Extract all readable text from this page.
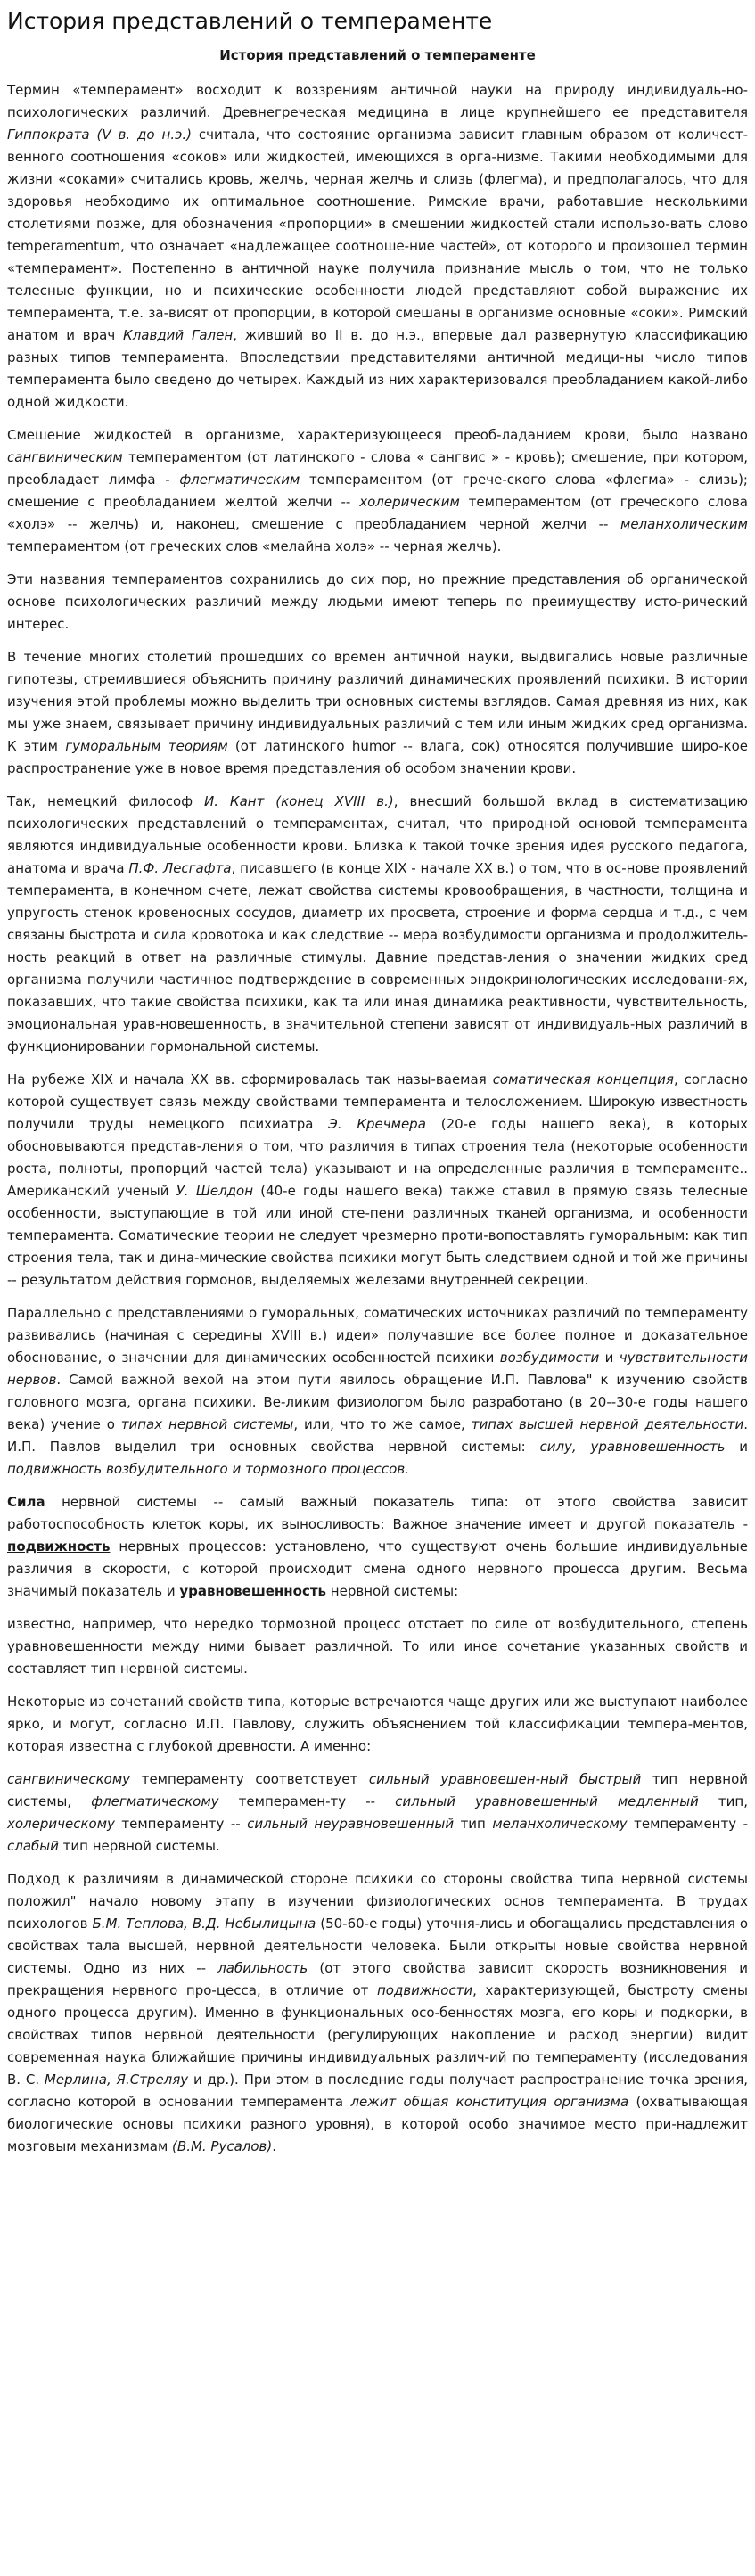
История представлений о темпераменте

История представлений о темпераменте

Термин «темперамент» восходит к воззрениям античной науки на природу индивидуаль-но-психологических различий. Древнегреческая медицина в лице крупнейшего ее представителя Гиппократа (V в. до н.э.) считала, что состояние организма зависит главным образом от количест-венного соотношения «соков» или жидкостей, имеющихся в орга-низме. Такими необходимыми для жизни «соками» считались кровь, желчь, черная желчь и слизь (флегма), и предполагалось, что для здоровья необходимо их оптимальное соотношение. Римские врачи, работавшие несколькими столетиями позже, для обозначения «пропорции» в смешении жидкостей стали использо-вать слово temperamentum, что означает «надлежащее соотноше-ние частей», от которого и произошел термин «темперамент». Постепенно в античной науке получила признание мысль о том, что не только телесные функции, но и психические особенности людей представляют собой выражение их темперамента, т.е. за-висят от пропорции, в которой смешаны в организме основные «соки». Римский анатом и врач Клавдий Гален, живший во II в. до н.э., впервые дал развернутую классификацию разных типов темперамента. Впоследствии представителями античной медици-ны число типов темперамента было сведено до четырех. Каждый из них характеризовался преобладанием какой-либо одной жидкости.

Смешение жидкостей в организме, характеризующееся преоб-ладанием крови, было названо сангвиническим темпераментом (от латинского - слова « сангвис » - кровь); смешение, при котором, преобладает лимфа - флегматическим темпераментом (от грече-ского слова «флегма» - слизь); смешение с преобладанием желтой желчи -- холерическим темпераментом (от греческого слова «холэ» -- желчь) и, наконец, смешение с преобладанием черной желчи -- меланхолическим темпераментом (от греческих слов «мелайна холэ» -- черная желчь).

Эти названия темпераментов сохранились до сих пор, но прежние представления об органической основе психологических различий между людьми имеют теперь по преимуществу исто-рический интерес.

В течение многих столетий прошедших со времен античной науки, выдвигались новые различные гипотезы, стремившиеся объяснить причину различий динамических проявлений психики. В истории изучения этой проблемы можно выделить три основных системы взглядов. Самая древняя из них, как мы уже знаем, связывает причину индивидуальных различий с тем или иным жидких сред организма. К этим гуморальным теориям (от латинского humor -- влага, сок) относятся получившие широ-кое распространение уже в новое время представления об особом значении крови.

Так, немецкий философ И. Кант (конец XVIII в.), внесший большой вклад в систематизацию психологических представлений о темпераментах, считал, что природной основой темперамента являются индивидуальные особенности крови. Близка к такой точке зрения идея русского педагога, анатома и врача П.Ф. Лесгафта, писавшего (в конце XIX - начале XX в.) о том, что в ос-нове проявлений темперамента, в конечном счете, лежат свойства системы кровообращения, в частности, толщина и упругость стенок кровеносных сосудов, диаметр их просвета, строение и форма сердца и т.д., с чем связаны быстрота и сила кровотока и как следствие -- мера возбудимости организма и продолжитель-ность реакций в ответ на различные стимулы. Давние представ-ления о значении жидких сред организма получили частичное подтверждение в современных эндокринологических исследовани-ях, показавших, что такие свойства психики, как та или иная динамика реактивности, чувствительность, эмоциональная урав-новешенность, в значительной степени зависят от индивидуаль-ных различий в функционировании гормональной системы.

На рубеже XIX и начала XX вв. сформировалась так назы-ваемая соматическая концепция, согласно которой существует связь между свойствами темперамента и телосложением. Широкую известность получили труды немецкого психиатра Э. Кречмера (20-е годы нашего века), в которых обосновываются представ-ления о том, что различия в типах строения тела (некоторые особенности роста, полноты, пропорций частей тела) указывают и на определенные различия в темпераменте.. Американский ученый У. Шелдон (40-е годы нашего века) также ставил в прямую связь телесные особенности, выступающие в той или иной сте-пени различных тканей организма, и особенности темперамента. Соматические теории не следует чрезмерно проти-вопоставлять гуморальным: как тип строения тела, так и дина-мические свойства психики могут быть следствием одной и той же причины -- результатом действия гормонов, выделяемых железами внутренней секреции.

Параллельно с представлениями о гуморальных, соматических источниках различий по темпераменту развивались (начиная с середины XVIII в.) идеи» получавшие все более полное и доказательное обоснование, о значении для динамических особенностей психики возбудимости и чувствительности нервов. Самой важной вехой на этом пути явилось обращение И.П. Павлова" к изучению свойств головного мозга, органа психики. Ве-ликим физиологом было разработано (в 20--30-е годы нашего века) учение о типах нервной системы, или, что то же самое, типах высшей нервной деятельности. И.П. Павлов выделил три основных свойства нервной системы: силу, уравновешенность и подвижность возбудительного и тормозного процессов.

Сила нервной системы -- самый важный показатель типа: от этого свойства зависит работоспособность клеток коры, их выносливость: Важное значение имеет и другой показатель - подвижность нервных процессов: установлено, что существуют очень большие индивидуальные различия в скорости, с которой происходит смена одного нервного процесса другим. Весьма значимый показатель и уравновешенность нервной системы:

известно, например, что нередко тормозной процесс отстает по силе от возбудительного, степень уравновешенности между ними бывает различной. То или иное сочетание указанных свойств и составляет тип нервной системы.

Некоторые из сочетаний свойств типа, которые встречаются чаще других или же выступают наиболее ярко, и могут, согласно И.П. Павлову, служить объяснением той классификации темпера-ментов, которая известна с глубокой древности. А именно:

сангвиническому темпераменту соответствует сильный уравновешен-ный быстрый тип нервной системы, флегматическому темперамен-ту -- сильный уравновешенный медленный тип, холерическому темпераменту -- сильный неуравновешенный тип меланхолическому темпераменту - слабый тип нервной системы.

Подход к различиям в динамической стороне психики со стороны свойства типа нервной системы положил" начало новому этапу в изучении физиологических основ темперамента. В трудах психологов Б.М. Теплова, В.Д. Небылицына (50-60-е годы) уточня-лись и обогащались представления о свойствах тала высшей, нервной деятельности человека. Были открыты новые свойства нервной системы. Одно из них -- лабильность (от этого свойства зависит скорость возникновения и прекращения нервного про-цесса, в отличие от подвижности, характеризующей, быстроту смены одного процесса другим). Именно в функциональных осо-бенностях мозга, его коры и подкорки, в свойствах типов нервной деятельности (регулирующих накопление и расход энергии) видит современная наука ближайшие причины индивидуальных различ-ий по темпераменту (исследования В. С. Мерлина, Я.Стреляу и др.). При этом в последние годы получает распространение точка зрения, согласно которой в основании темперамента лежит общая конституция организма (охватывающая биологические основы психики разного уровня), в которой особо значимое место при-надлежит мозговым механизмам (В.М. Русалов).
